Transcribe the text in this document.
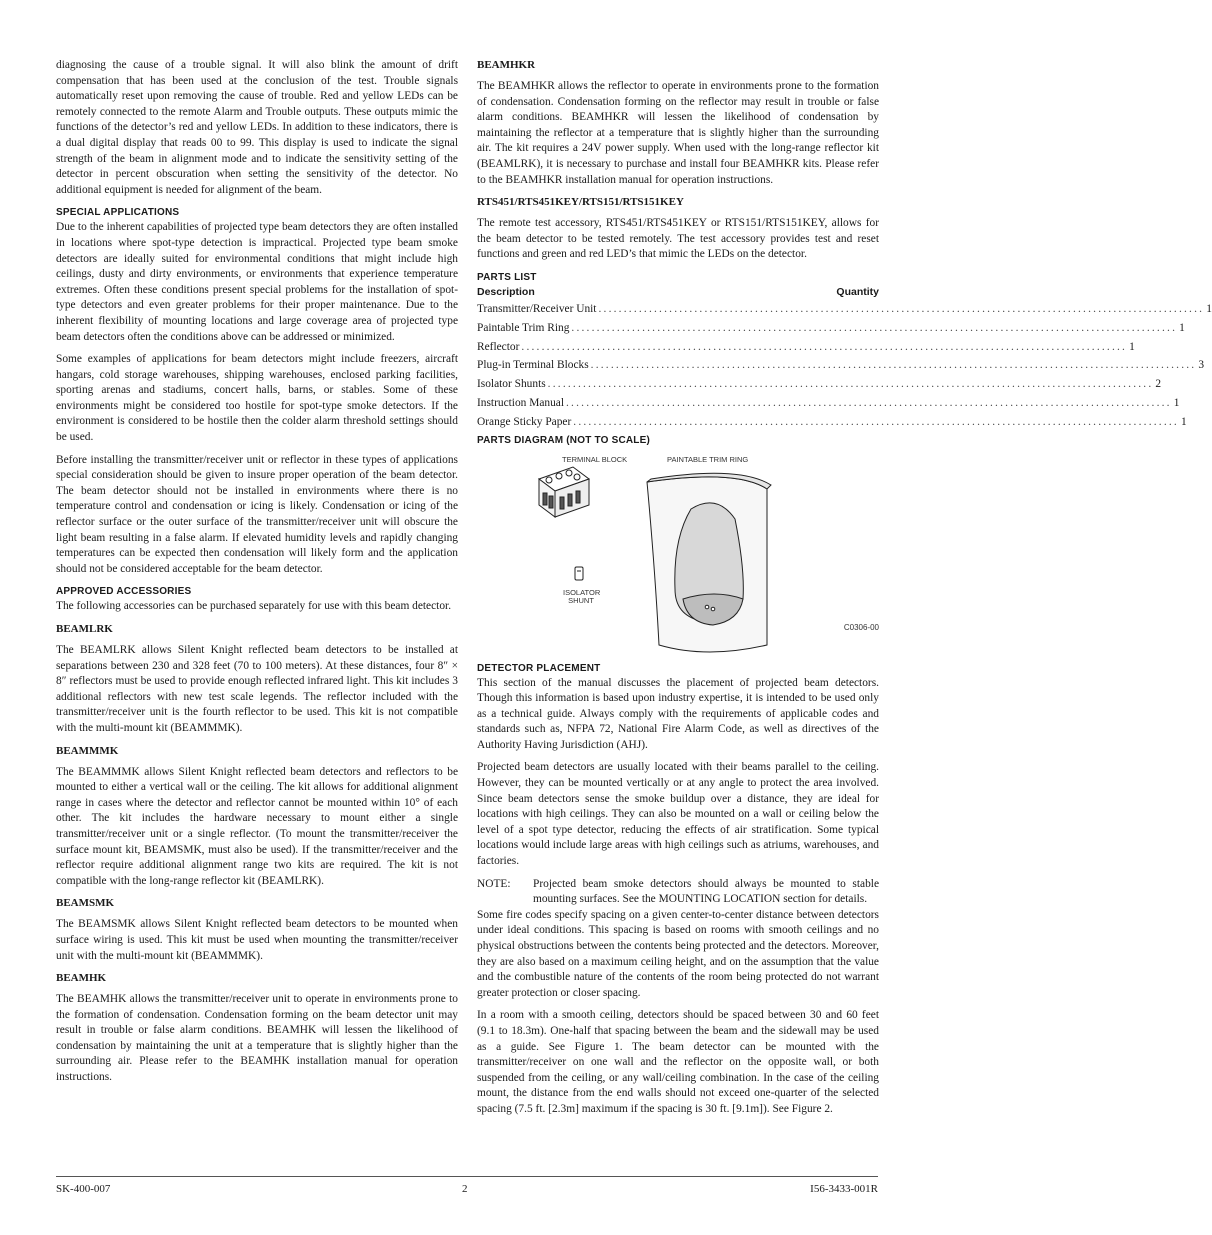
diagnosing the cause of a trouble signal. It will also blink the amount of drift compensation that has been used at the conclusion of the test. Trouble signals automatically reset upon removing the cause of trouble. Red and yellow LEDs can be remotely connected to the remote Alarm and Trouble outputs. These outputs mimic the functions of the detector’s red and yellow LEDs. In addition to these indicators, there is a dual digital display that reads 00 to 99. This display is used to indicate the signal strength of the beam in alignment mode and to indicate the sensitivity setting of the detector in percent obscuration when setting the sensitivity of the detector. No additional equipment is needed for alignment of the beam.

SPECIAL APPLICATIONS

Due to the inherent capabilities of projected type beam detectors they are often installed in locations where spot-type detection is impractical. Projected type beam smoke detectors are ideally suited for environmental conditions that might include high ceilings, dusty and dirty environments, or environments that experience temperature extremes. Often these conditions present special problems for the installation of spot-type detectors and even greater problems for their proper maintenance. Due to the inherent flexibility of mounting locations and large coverage area of projected type beam detectors often the conditions above can be addressed or minimized.

Some examples of applications for beam detectors might include freezers, aircraft hangars, cold storage warehouses, shipping warehouses, enclosed parking facilities, sporting arenas and stadiums, concert halls, barns, or stables. Some of these environments might be considered too hostile for spot-type smoke detectors. If the environment is considered to be hostile then the colder alarm threshold settings should be used.

Before installing the transmitter/receiver unit or reflector in these types of applications special consideration should be given to insure proper operation of the beam detector. The beam detector should not be installed in environments where there is no temperature control and condensation or icing is likely. Condensation or icing of the reflector surface or the outer surface of the transmitter/receiver unit will obscure the light beam resulting in a false alarm. If elevated humidity levels and rapidly changing temperatures can be expected then condensation will likely form and the application should not be considered acceptable for the beam detector.

APPROVED ACCESSORIES

The following accessories can be purchased separately for use with this beam detector.

BEAMLRK

The BEAMLRK allows Silent Knight reflected beam detectors to be installed at separations between 230 and 328 feet (70 to 100 meters). At these distances, four 8″ × 8″ reflectors must be used to provide enough reflected infrared light. This kit includes 3 additional reflectors with new test scale legends. The reflector included with the transmitter/receiver unit is the fourth reflector to be used. This kit is not compatible with the multi-mount kit (BEAMMMK).

BEAMMMK

The BEAMMMK allows Silent Knight reflected beam detectors and reflectors to be mounted to either a vertical wall or the ceiling. The kit allows for additional alignment range in cases where the detector and reflector cannot be mounted within 10° of each other. The kit includes the hardware necessary to mount either a single transmitter/receiver unit or a single reflector. (To mount the transmitter/receiver the surface mount kit, BEAMSMK, must also be used). If the transmitter/receiver and the reflector require additional alignment range two kits are required. The kit is not compatible with the long-range reflector kit (BEAMLRK).

BEAMSMK

The BEAMSMK allows Silent Knight reflected beam detectors to be mounted when surface wiring is used. This kit must be used when mounting the transmitter/receiver unit with the multi-mount kit (BEAMMMK).

BEAMHK

The BEAMHK allows the transmitter/receiver unit to operate in environments prone to the formation of condensation. Condensation forming on the beam detector unit may result in trouble or false alarm conditions. BEAMHK will lessen the likelihood of condensation by maintaining the unit at a temperature that is slightly higher than the surrounding air. Please refer to the BEAMHK installation manual for operation instructions.

BEAMHKR

The BEAMHKR allows the reflector to operate in environments prone to the formation of condensation. Condensation forming on the reflector may result in trouble or false alarm conditions. BEAMHKR will lessen the likelihood of condensation by maintaining the reflector at a temperature that is slightly higher than the surrounding air. The kit requires a 24V power supply. When used with the long-range reflector kit (BEAMLRK), it is necessary to purchase and install four BEAMHKR kits. Please refer to the BEAMHKR installation manual for operation instructions.

RTS451/RTS451KEY/RTS151/RTS151KEY

The remote test accessory, RTS451/RTS451KEY or RTS151/RTS151KEY, allows for the beam detector to be tested remotely. The test accessory provides test and reset functions and green and red LED’s that mimic the LEDs on the detector.

PARTS LIST
Description	Quantity
Transmitter/Receiver Unit ........................................................................................................................ 1
Paintable Trim Ring ........................................................................................................................ 1
Reflector ........................................................................................................................ 1
Plug-in Terminal Blocks ........................................................................................................................ 3
Isolator Shunts ........................................................................................................................ 2
Instruction Manual ........................................................................................................................ 1
Orange Sticky Paper ........................................................................................................................ 1
PARTS DIAGRAM (NOT TO SCALE)
TERMINAL BLOCK	PAINTABLE TRIM RING
ISOLATOR
SHUNT
C0306-00
DETECTOR PLACEMENT

This section of the manual discusses the placement of projected beam detectors. Though this information is based upon industry expertise, it is intended to be used only as a technical guide. Always comply with the requirements of applicable codes and standards such as, NFPA 72, National Fire Alarm Code, as well as directives of the Authority Having Jurisdiction (AHJ).

Projected beam detectors are usually located with their beams parallel to the ceiling. However, they can be mounted vertically or at any angle to protect the area involved. Since beam detectors sense the smoke buildup over a distance, they are ideal for locations with high ceilings. They can also be mounted on a wall or ceiling below the level of a spot type detector, reducing the effects of air stratification. Some typical locations would include large areas with high ceilings such as atriums, warehouses, and factories.

NOTE:	Projected beam smoke detectors should always be mounted to stable mounting surfaces. See the MOUNTING LOCATION section for details.

Some fire codes specify spacing on a given center-to-center distance between detectors under ideal conditions. This spacing is based on rooms with smooth ceilings and no physical obstructions between the contents being protected and the detectors. Moreover, they are also based on a maximum ceiling height, and on the assumption that the value and the combustible nature of the contents of the room being protected do not warrant greater protection or closer spacing.

In a room with a smooth ceiling, detectors should be spaced between 30 and 60 feet (9.1 to 18.3m). One-half that spacing between the beam and the sidewall may be used as a guide. See Figure 1. The beam detector can be mounted with the transmitter/receiver on one wall and the reflector on the opposite wall, or both suspended from the ceiling, or any wall/ceiling combination. In the case of the ceiling mount, the distance from the end walls should not exceed one-quarter of the selected spacing (7.5 ft. [2.3m] maximum if the spacing is 30 ft. [9.1m]). See Figure 2.

SK-400-007	2	I56-3433-001R
